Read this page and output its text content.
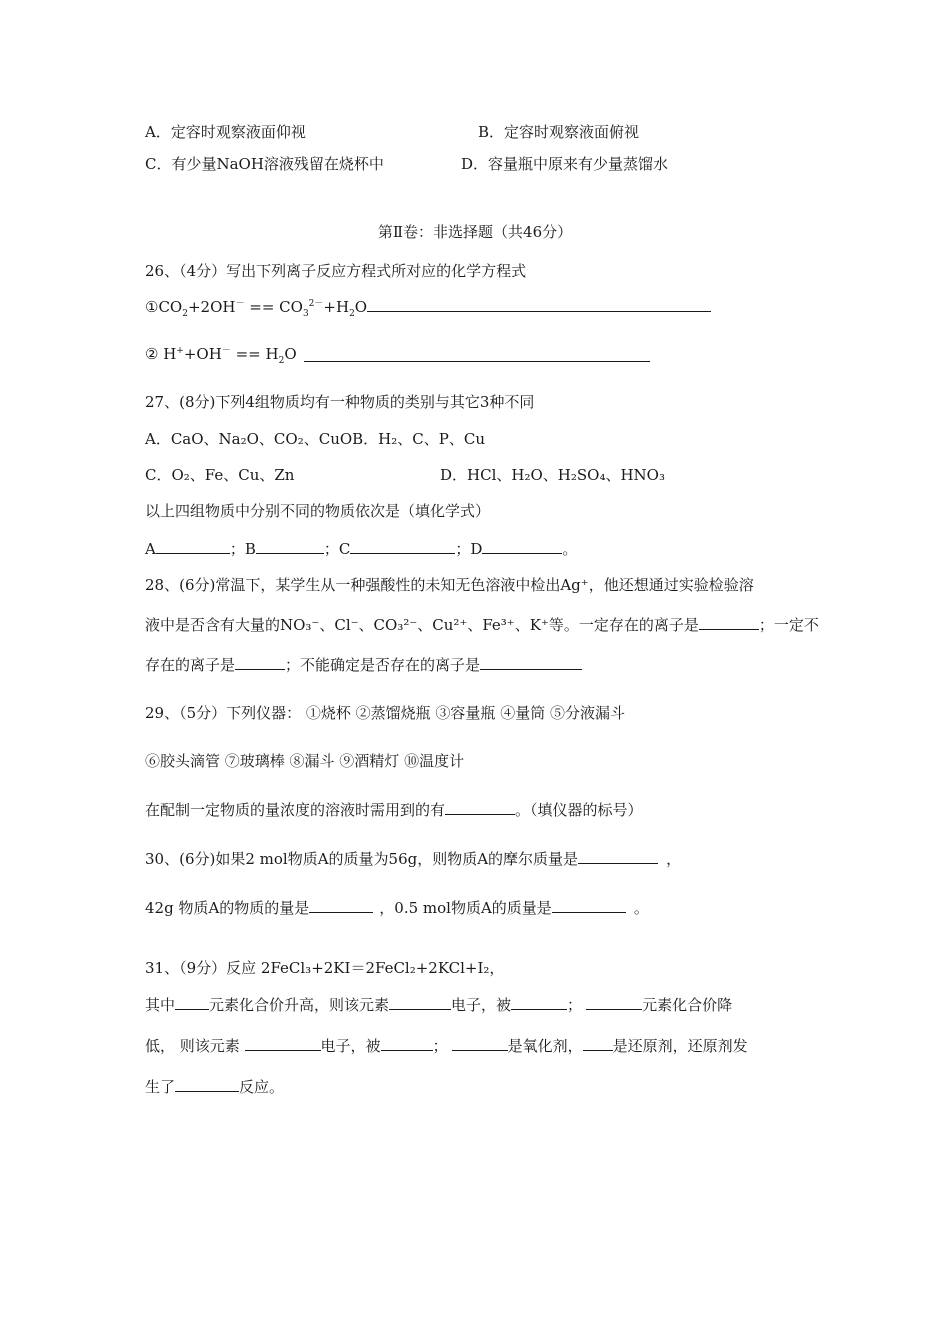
A．定容时观察液面仰视	B．定容时观察液面俯视
C．有少量NaOH溶液残留在烧杯中	D．容量瓶中原来有少量蒸馏水
第Ⅱ卷：非选择题（共46分）
26、（4分）写出下列离子反应方程式所对应的化学方程式
$①CO_2+2OH^- == CO_3^{2-}+H_2O$
② $H^++OH^- == H_2O$
27、(8分)下列4组物质均有一种物质的类别与其它3种不同
A．CaO、Na₂O、CO₂、CuOB．H₂、C、P、Cu
C．O₂、Fe、Cu、Zn	D．HCl、H₂O、H₂SO₄、HNO₃
以上四组物质中分别不同的物质依次是（填化学式）
A	；B	；C	；D	。
28、(6分)常温下，某学生从一种强酸性的未知无色溶液中检出Ag⁺，他还想通过实验检验溶
液中是否含有大量的NO₃⁻、Cl⁻、CO₃²⁻、Cu²⁺、Fe³⁺、K⁺等。一定存在的离子是	；一定不
存在的离子是	；不能确定是否存在的离子是
29、（5分）下列仪器： ①烧杯 ②蒸馏烧瓶 ③容量瓶 ④量筒 ⑤分液漏斗
⑥胶头滴管 ⑦玻璃棒 ⑧漏斗 ⑨酒精灯 ⑩温度计
在配制一定物质的量浓度的溶液时需用到的有	。（填仪器的标号）
30、(6分)如果2 mol物质A的质量为56g，则物质A的摩尔质量是	，
42g 物质A的物质的量是	，0.5 mol物质A的质量是	。
31、（9分）反应 2FeCl₃+2KI＝2FeCl₂+2KCl+I₂，
其中 元素化合价升高，则该元素	电子，被	；	元素化合价降
低， 则该元素	电子，被	；	是氧化剂， 是还原剂，还原剂发
生了	反应。
